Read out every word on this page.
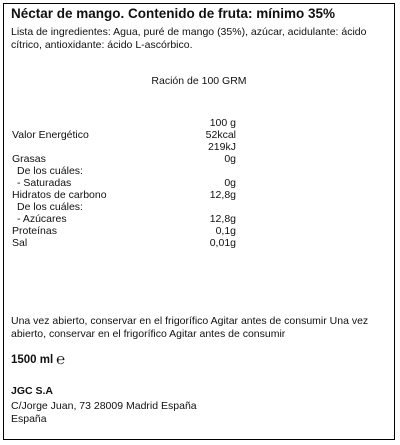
Néctar de mango. Contenido de fruta: mínimo 35%
Lista de ingredientes: Agua, puré de mango (35%), azúcar, acidulante: ácido cítrico, antioxidante: ácido L-ascórbico.
Ración de 100 GRM
100 g
Valor Energético	52kcal
219kJ
Grasas	0g
De los cuáles:
- Saturadas	0g
Hidratos de carbono	12,8g
De los cuáles:
- Azúcares	12,8g
Proteínas	0,1g
Sal	0,01g
Una vez abierto, conservar en el frigorífico Agitar antes de consumir Una vez abierto, conservar en el frigorífico Agitar antes de consumir
1500 ml ℮
JGC S.A
C/Jorge Juan, 73 28009 Madrid España
España
